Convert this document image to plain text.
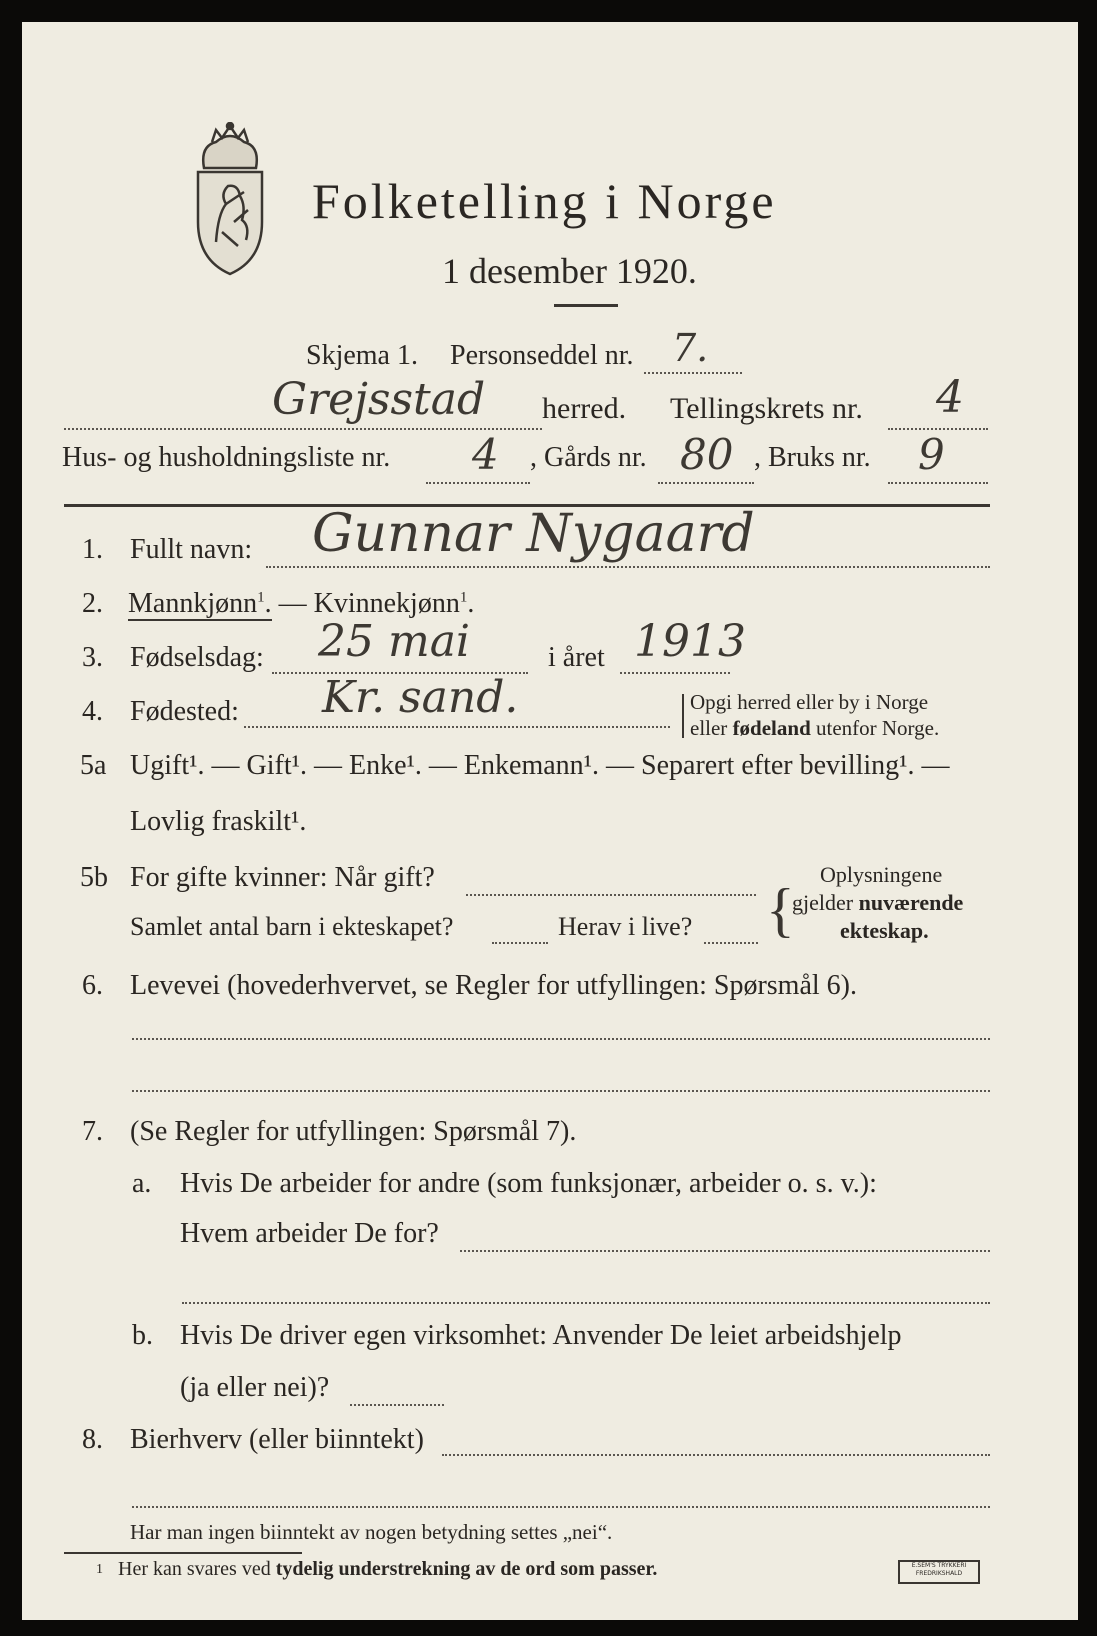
Folketelling i Norge
1 desember 1920.
Skjema 1. Personseddel nr. 7.
Grejsstad herred. Tellingskrets nr. 4
Hus- og husholdningsliste nr. 4 , Gårds nr. 80 , Bruks nr. 9
1. Fullt navn: Gunnar Nygaard
2. Mannkjønn$^1$. — Kvinnekjønn$^1$.
3. Fødselsdag: 25 mai	i året 1913
4. Fødested: Kr. sand.	Opgi herred eller by i Norge
eller fødeland utenfor Norge.
5a Ugift¹. — Gift¹. — Enke¹. — Enkemann¹. — Separert efter bevilling¹. —
Lovlig fraskilt¹.
5b For gifte kvinner: Når gift?
Samlet antal barn i ekteskapet?	Herav i live? {
Oplysningene
gjelder nuværende
ekteskap.
6. Levevei (hovederhvervet, se Regler for utfyllingen: Spørsmål 6).
7. (Se Regler for utfyllingen: Spørsmål 7).
a. Hvis De arbeider for andre (som funksjonær, arbeider o. s. v.):
Hvem arbeider De for?
b. Hvis De driver egen virksomhet: Anvender De leiet arbeidshjelp
(ja eller nei)?
8. Bierhverv (eller biinntekt)
Har man ingen biinntekt av nogen betydning settes „nei“.
1 Her kan svares ved tydelig understrekning av de ord som passer.	E.SEM'S TRYKKERI
FREDRIKSHALD
